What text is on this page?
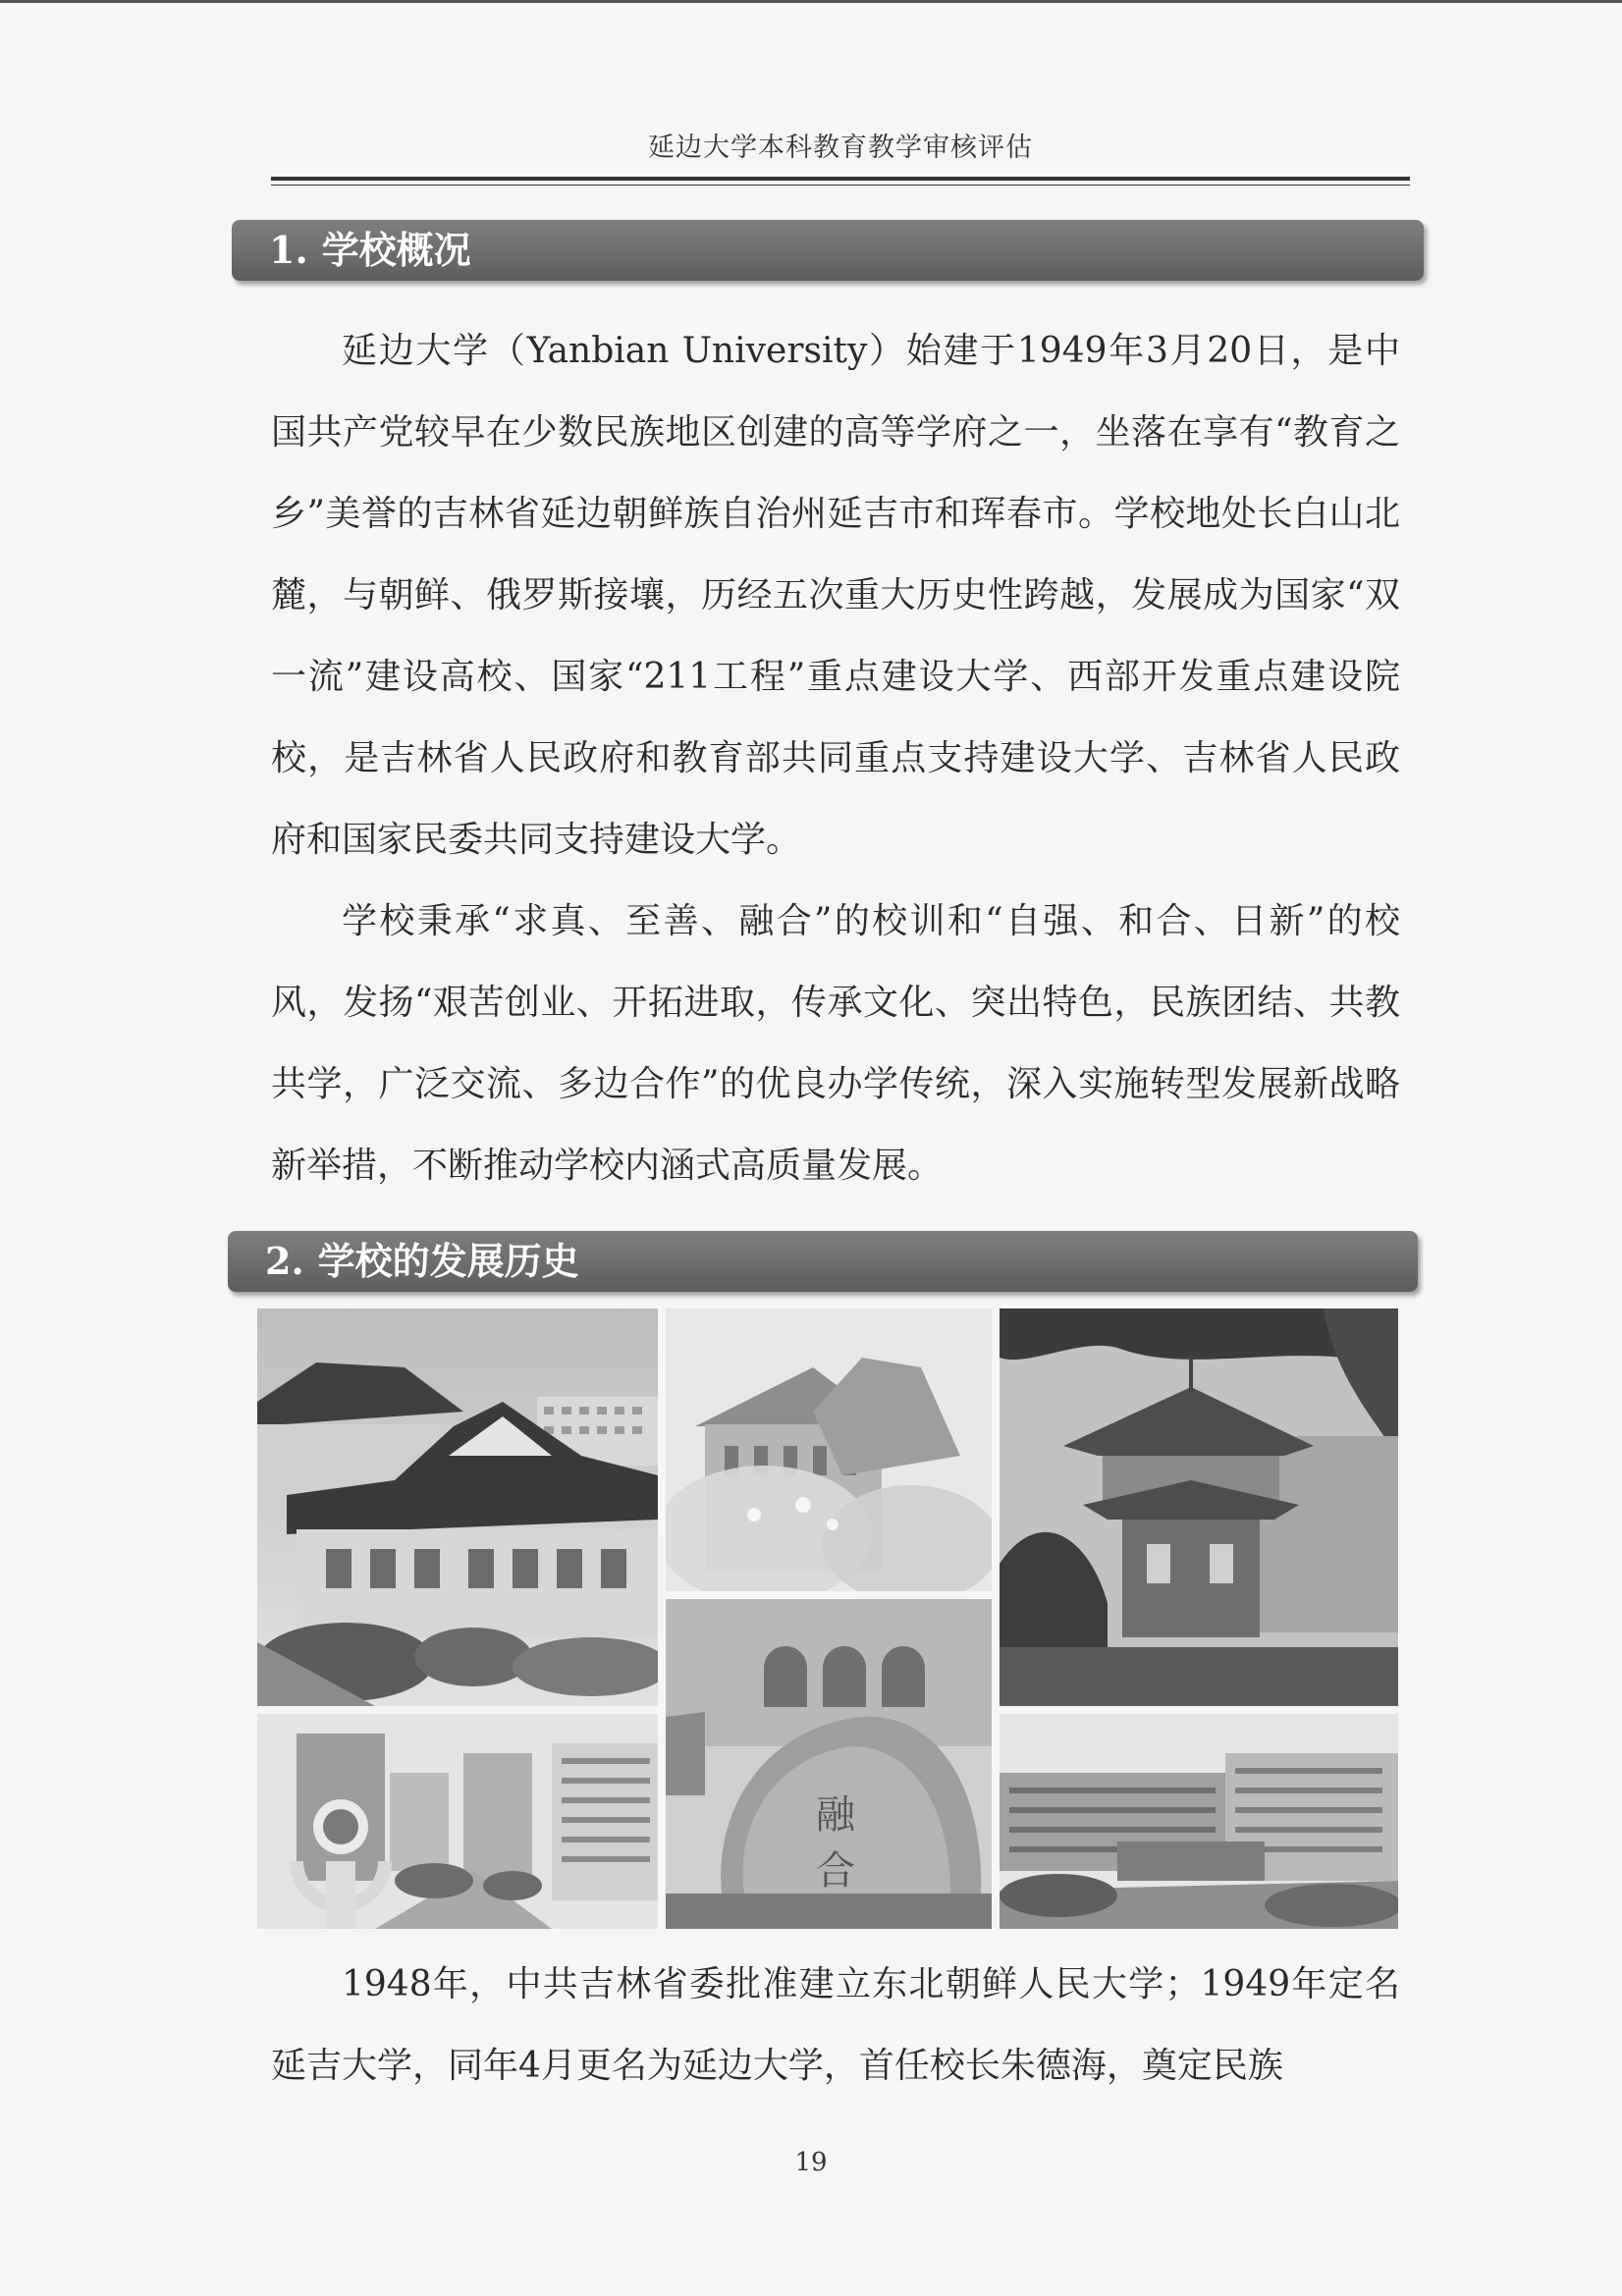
延边大学本科教育教学审核评估
1. 学校概况

延边大学（Yanbian University）始建于1949年3月20日，是中国共产党较早在少数民族地区创建的高等学府之一，坐落在享有“教育之乡”美誉的吉林省延边朝鲜族自治州延吉市和珲春市。学校地处长白山北麓，与朝鲜、俄罗斯接壤，历经五次重大历史性跨越，发展成为国家“双一流”建设高校、国家“211工程”重点建设大学、西部开发重点建设院校，是吉林省人民政府和教育部共同重点支持建设大学、吉林省人民政府和国家民委共同支持建设大学。

学校秉承“求真、至善、融合”的校训和“自强、和合、日新”的校风，发扬“艰苦创业、开拓进取，传承文化、突出特色，民族团结、共教共学，广泛交流、多边合作”的优良办学传统，深入实施转型发展新战略新举措，不断推动学校内涵式高质量发展。

2. 学校的发展历史
融 合

1948年，中共吉林省委批准建立东北朝鲜人民大学；1949年定名延吉大学，同年4月更名为延边大学，首任校长朱德海，奠定民族

19
